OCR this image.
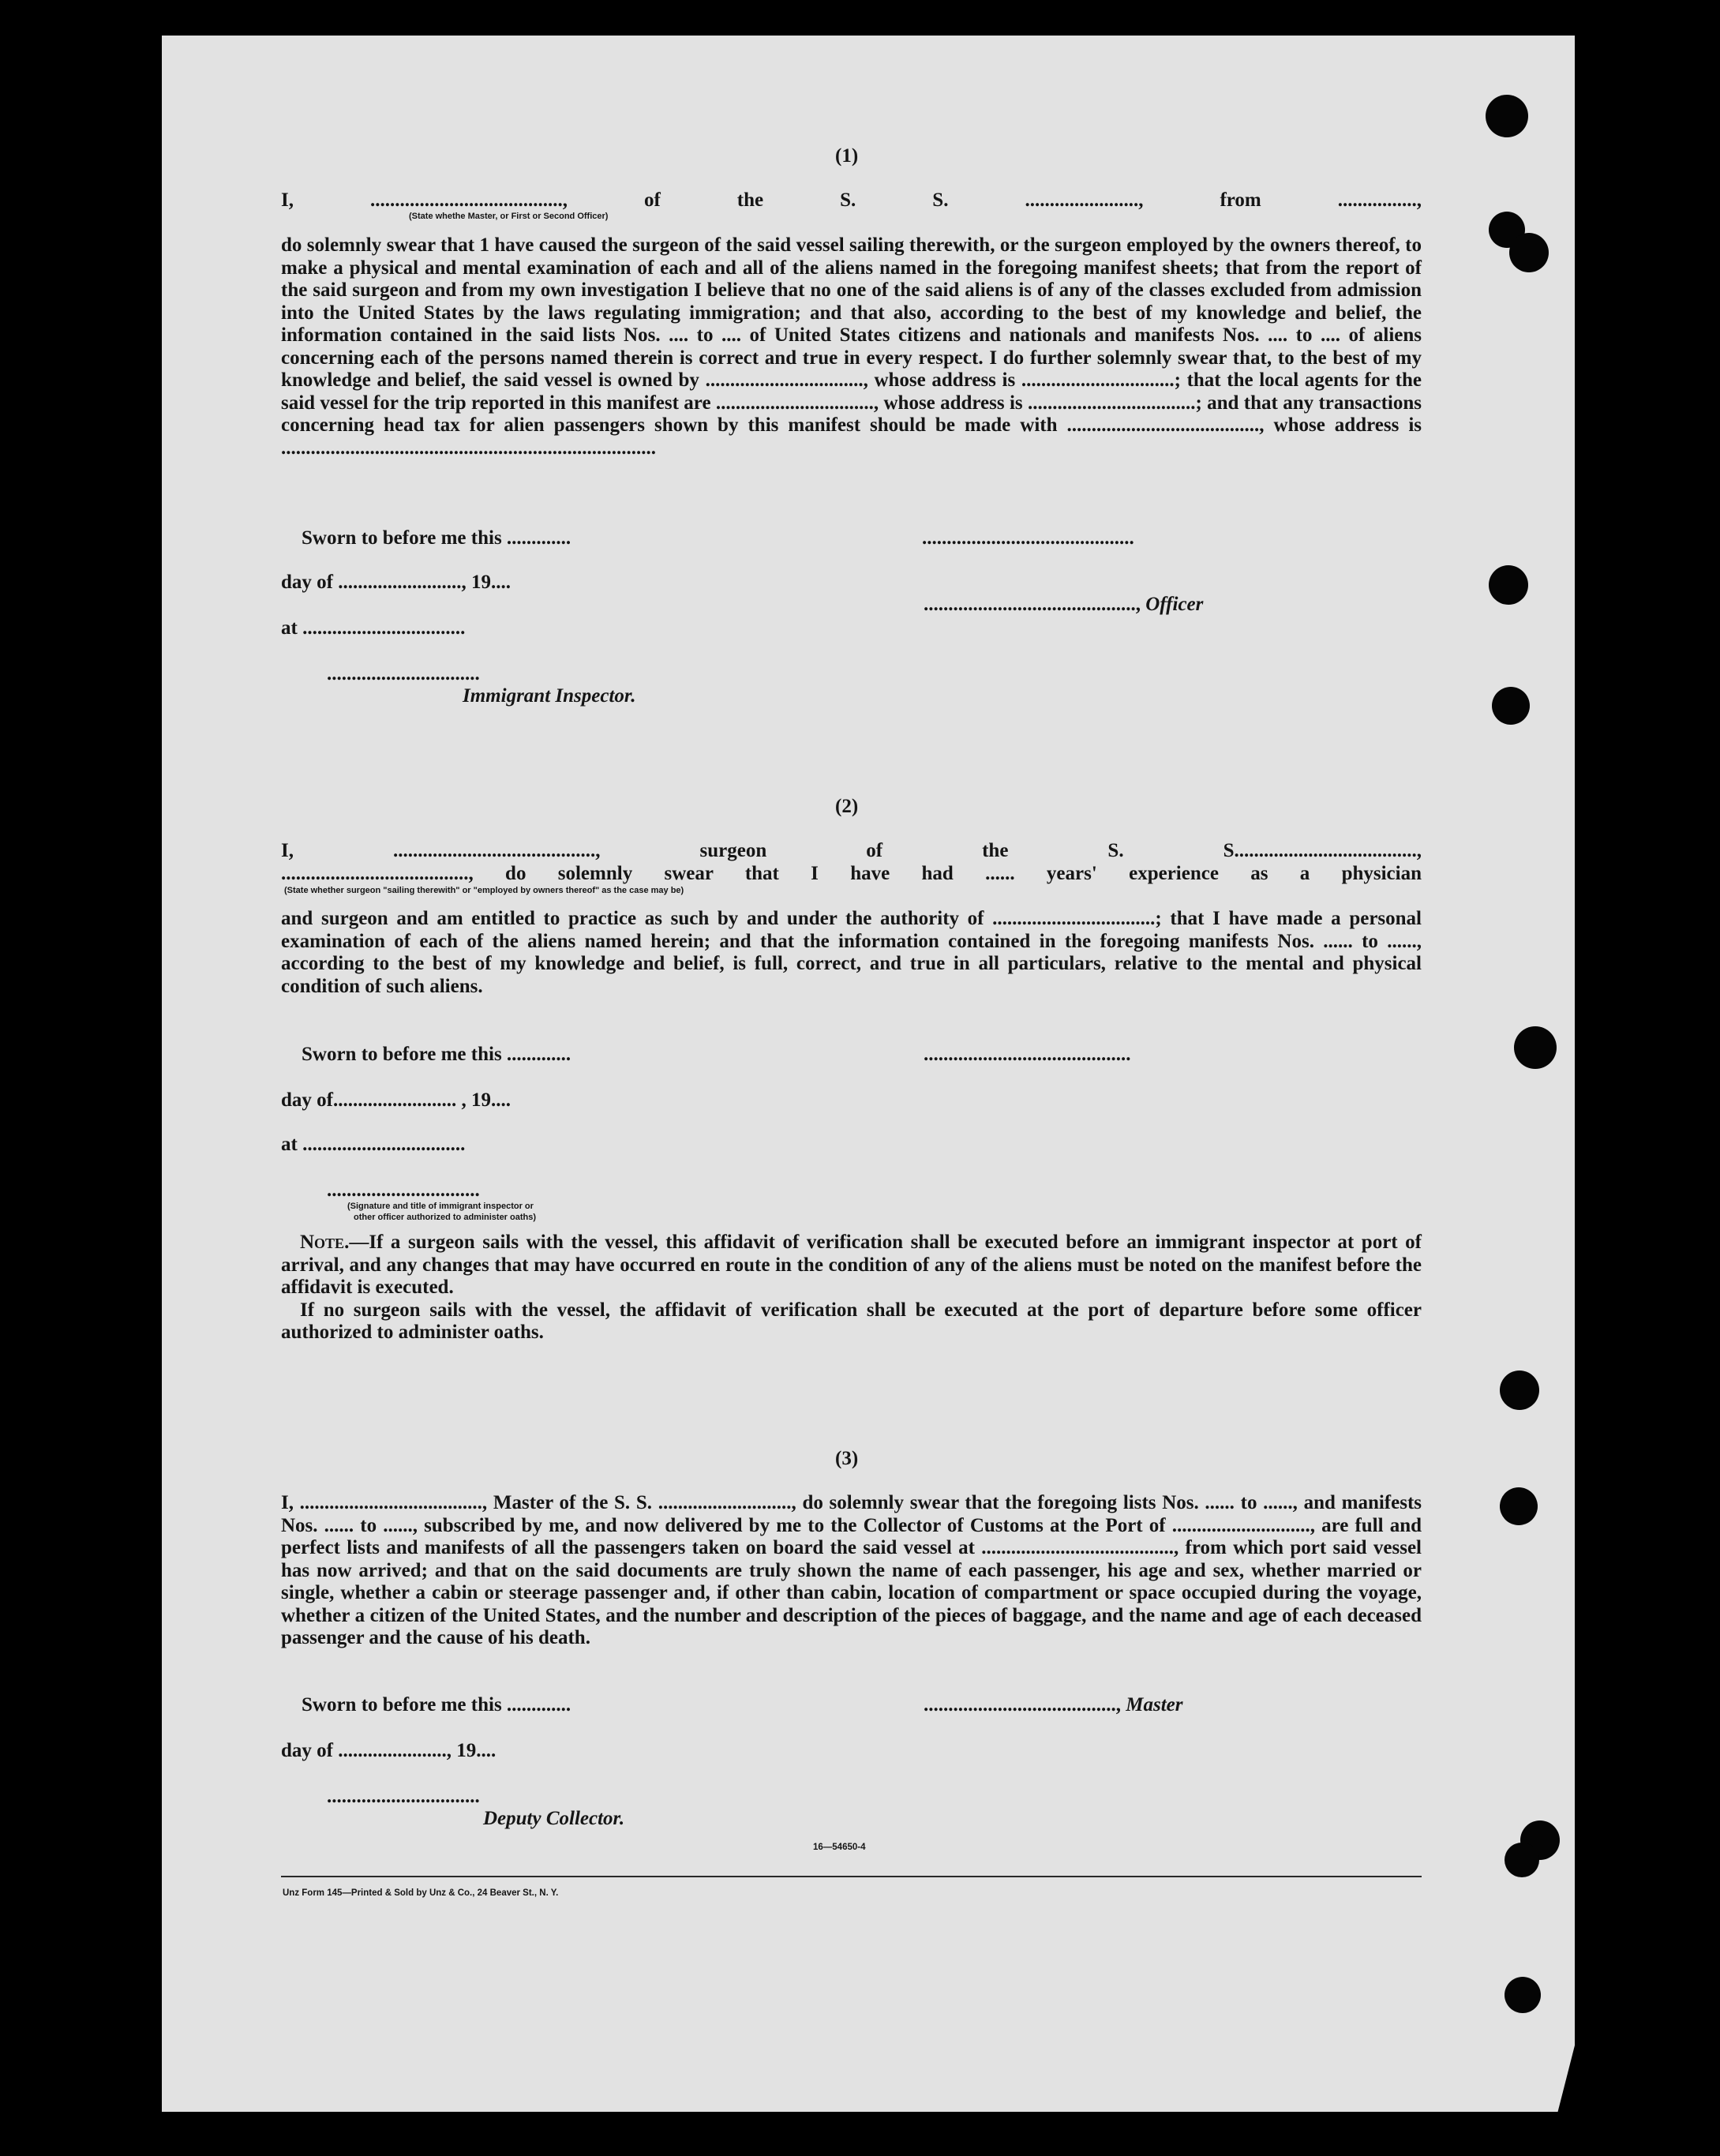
(1)
I, ......................................., of the S. S. ......................., from ................,
(State whethe Master, or First or Second Officer)

do solemnly swear that 1 have caused the surgeon of the said vessel sailing therewith, or the surgeon employed by the owners thereof, to make a physical and mental examination of each and all of the aliens named in the foregoing manifest sheets; that from the report of the said surgeon and from my own investigation I believe that no one of the said aliens is of any of the classes excluded from admission into the United States by the laws regulating immigration; and that also, according to the best of my knowledge and belief, the information contained in the said lists Nos. .... to .... of United States citizens and nationals and manifests Nos. .... to .... of aliens concerning each of the persons named therein is correct and true in every respect. I do further solemnly swear that, to the best of my knowledge and belief, the said vessel is owned by ................................, whose address is ...............................; that the local agents for the said vessel for the trip reported in this manifest are ................................, whose address is ..................................; and that any transactions concerning head tax for alien passengers shown by this manifest should be made with ......................................., whose address is ............................................................................

Sworn to before me this .............	...........................................
day of ........................., 19....
..........................................., Officer
at .................................
...............................
Immigrant Inspector.
(2)
I, ........................................., surgeon of the S. S.....................................,
......................................, do solemnly swear that I have had ...... years' experience as a physician
(State whether surgeon "sailing therewith" or "employed by owners thereof" as the case may be)

and surgeon and am entitled to practice as such by and under the authority of .................................; that I have made a personal examination of each of the aliens named herein; and that the information contained in the foregoing manifests Nos. ...... to ......, according to the best of my knowledge and belief, is full, correct, and true in all particulars, relative to the mental and physical condition of such aliens.

Sworn to before me this .............	..........................................
day of......................... , 19....
at .................................
...............................
(Signature and title of immigrant inspector or
other officer authorized to administer oaths)

Note.—If a surgeon sails with the vessel, this affidavit of verification shall be executed before an immigrant inspector at port of arrival, and any changes that may have occurred en route in the condition of any of the aliens must be noted on the manifest before the affidavit is executed.

If no surgeon sails with the vessel, the affidavit of verification shall be executed at the port of departure before some officer authorized to administer oaths.

(3)

I, ....................................., Master of the S. S. ..........................., do solemnly swear that the foregoing lists Nos. ...... to ......, and manifests Nos. ...... to ......, subscribed by me, and now delivered by me to the Collector of Customs at the Port of ............................, are full and perfect lists and manifests of all the passengers taken on board the said vessel at ......................................., from which port said vessel has now arrived; and that on the said documents are truly shown the name of each passenger, his age and sex, whether married or single, whether a cabin or steerage passenger and, if other than cabin, location of compartment or space occupied during the voyage, whether a citizen of the United States, and the number and description of the pieces of baggage, and the name and age of each deceased passenger and the cause of his death.

Sworn to before me this .............	......................................., Master
day of ......................, 19....
...............................
Deputy Collector.
16—54650-4
Unz Form 145—Printed & Sold by Unz & Co., 24 Beaver St., N. Y.
